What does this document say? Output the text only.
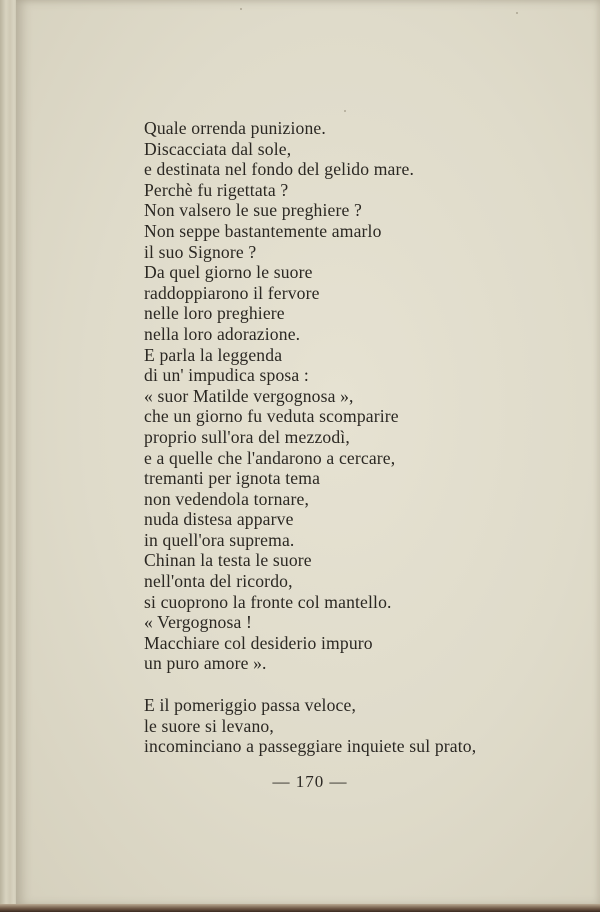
Quale orrenda punizione.
Discacciata dal sole,
e destinata nel fondo del gelido mare.
Perchè fu rigettata ?
Non valsero le sue preghiere ?
Non seppe bastantemente amarlo
il suo Signore ?
Da quel giorno le suore
raddoppiarono il fervore
nelle loro preghiere
nella loro adorazione.
E parla la leggenda
di un' impudica sposa :
« suor Matilde vergognosa »,
che un giorno fu veduta scomparire
proprio sull'ora del mezzodì,
e a quelle che l'andarono a cercare,
tremanti per ignota tema
non vedendola tornare,
nuda distesa apparve
in quell'ora suprema.
Chinan la testa le suore
nell'onta del ricordo,
si cuoprono la fronte col mantello.
« Vergognosa !
Macchiare col desiderio impuro
un puro amore ».
E il pomeriggio passa veloce,
le suore si levano,
incominciano a passeggiare inquiete sul prato,
— 170 —
